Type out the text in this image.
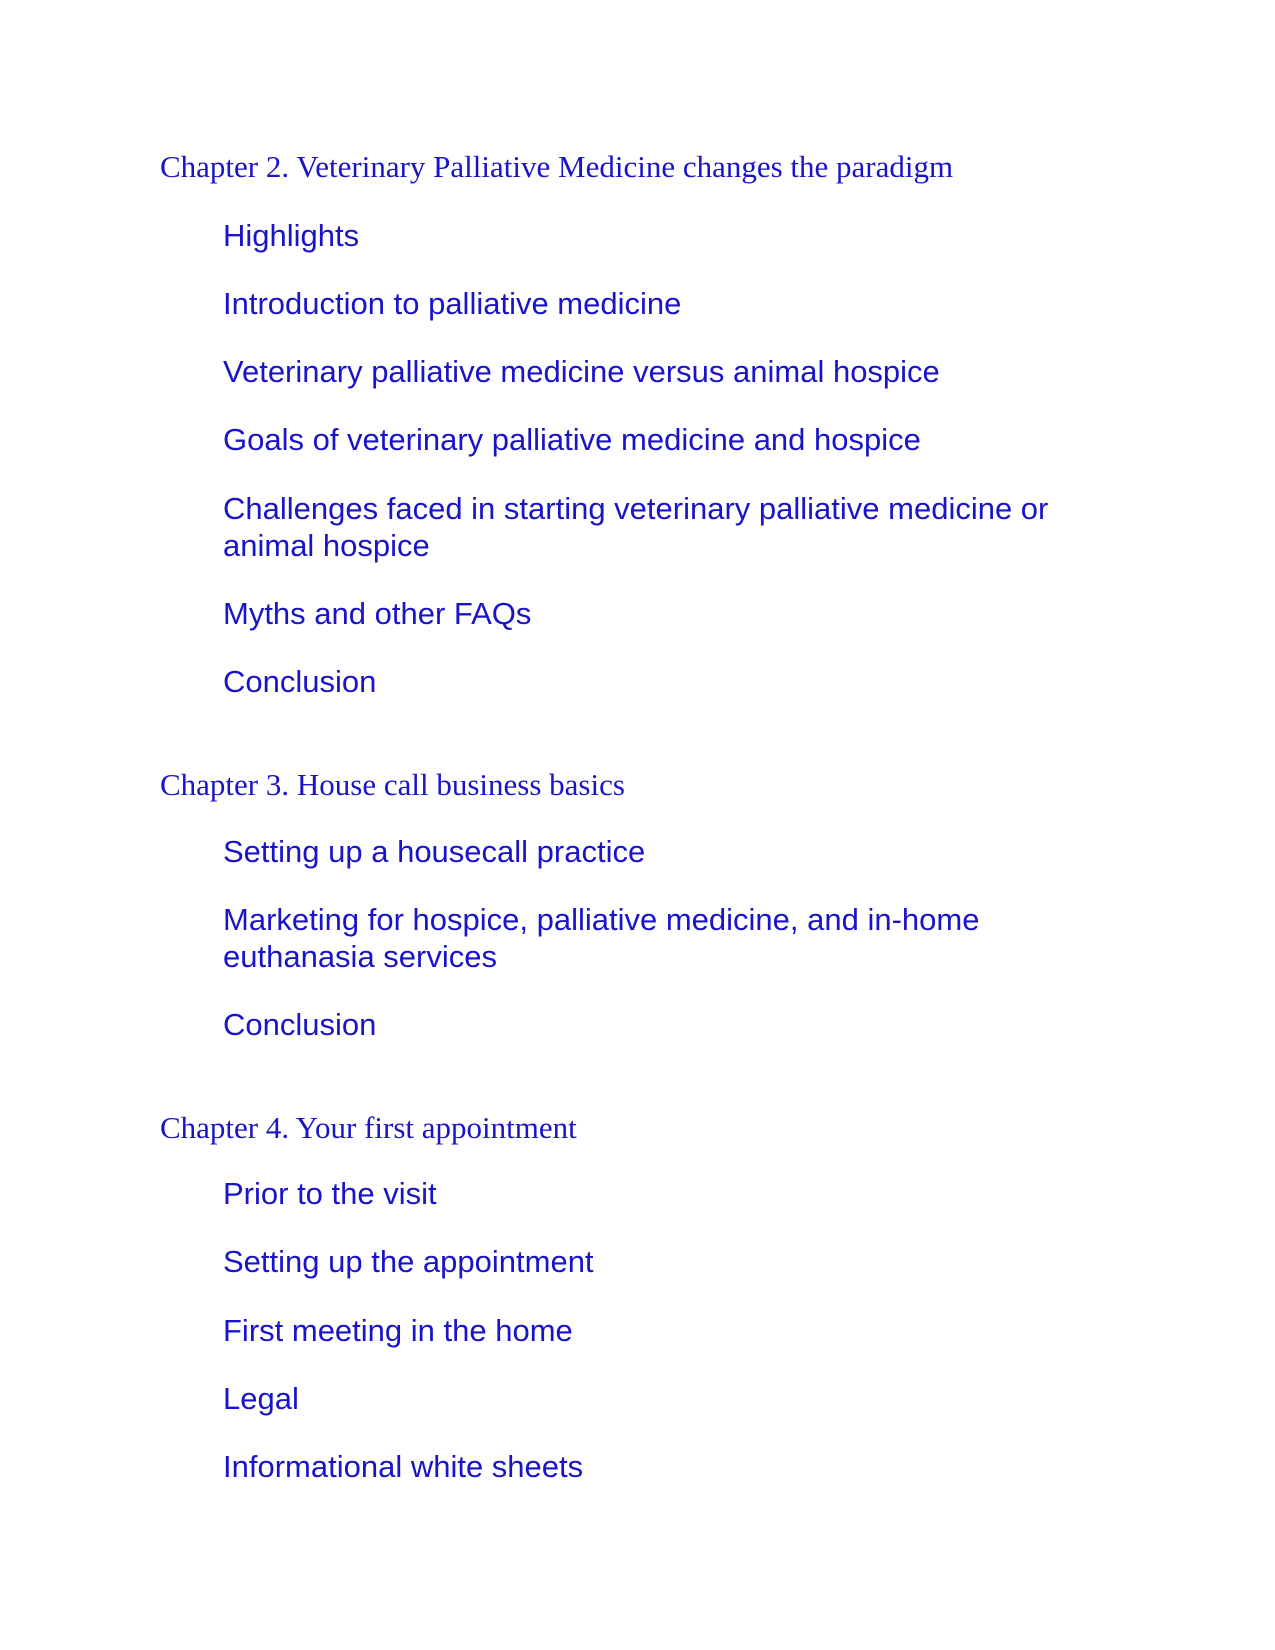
Chapter 2. Veterinary Palliative Medicine changes the paradigm
Highlights
Introduction to palliative medicine
Veterinary palliative medicine versus animal hospice
Goals of veterinary palliative medicine and hospice
Challenges faced in starting veterinary palliative medicine or animal hospice
Myths and other FAQs
Conclusion
Chapter 3. House call business basics
Setting up a housecall practice
Marketing for hospice, palliative medicine, and in-home euthanasia services
Conclusion
Chapter 4. Your first appointment
Prior to the visit
Setting up the appointment
First meeting in the home
Legal
Informational white sheets
